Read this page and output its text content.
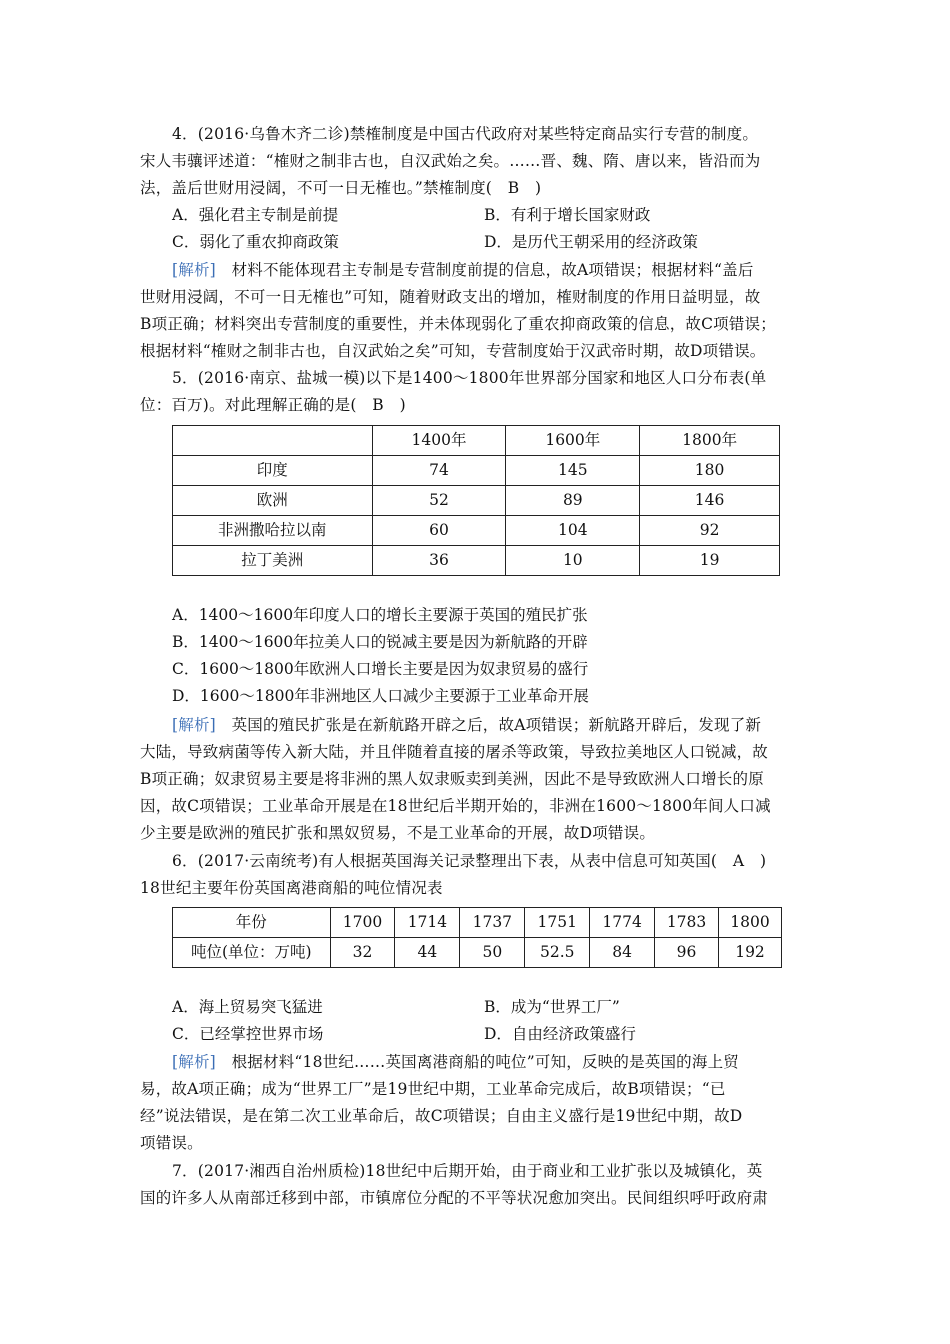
4．(2016·乌鲁木齐二诊)禁榷制度是中国古代政府对某些特定商品实行专营的制度。
宋人韦骧评述道：“榷财之制非古也，自汉武始之矣。……晋、魏、隋、唐以来，皆沿而为
法，盖后世财用浸阔，不可一日无榷也。”禁榷制度(　B　)
A．强化君主专制是前提	B．有利于增长国家财政
C．弱化了重农抑商政策	D．是历代王朝采用的经济政策
[解析]　材料不能体现君主专制是专营制度前提的信息，故A项错误；根据材料“盖后
世财用浸阔，不可一日无榷也”可知，随着财政支出的增加，榷财制度的作用日益明显，故
B项正确；材料突出专营制度的重要性，并未体现弱化了重农抑商政策的信息，故C项错误；
根据材料“榷财之制非古也，自汉武始之矣”可知，专营制度始于汉武帝时期，故D项错误。
5．(2016·南京、盐城一模)以下是1400～1800年世界部分国家和地区人口分布表(单
位：百万)。对此理解正确的是(　B　)
	1400年	1600年	1800年
印度	74	145	180
欧洲	52	89	146
非洲撒哈拉以南	60	104	92
拉丁美洲	36	10	19
A．1400～1600年印度人口的增长主要源于英国的殖民扩张
B．1400～1600年拉美人口的锐减主要是因为新航路的开辟
C．1600～1800年欧洲人口增长主要是因为奴隶贸易的盛行
D．1600～1800年非洲地区人口减少主要源于工业革命开展
[解析]　英国的殖民扩张是在新航路开辟之后，故A项错误；新航路开辟后，发现了新
大陆，导致病菌等传入新大陆，并且伴随着直接的屠杀等政策，导致拉美地区人口锐减，故
B项正确；奴隶贸易主要是将非洲的黑人奴隶贩卖到美洲，因此不是导致欧洲人口增长的原
因，故C项错误；工业革命开展是在18世纪后半期开始的，非洲在1600～1800年间人口减
少主要是欧洲的殖民扩张和黑奴贸易，不是工业革命的开展，故D项错误。
6．(2017·云南统考)有人根据英国海关记录整理出下表，从表中信息可知英国(　A　)
18世纪主要年份英国离港商船的吨位情况表
年份	1700	1714	1737	1751	1774	1783	1800
吨位(单位：万吨)	32	44	50	52.5	84	96	192
A．海上贸易突飞猛进	B．成为“世界工厂”
C．已经掌控世界市场	D．自由经济政策盛行
[解析]　根据材料“18世纪……英国离港商船的吨位”可知，反映的是英国的海上贸
易，故A项正确；成为“世界工厂”是19世纪中期，工业革命完成后，故B项错误；“已
经”说法错误，是在第二次工业革命后，故C项错误；自由主义盛行是19世纪中期，故D
项错误。
7．(2017·湘西自治州质检)18世纪中后期开始，由于商业和工业扩张以及城镇化，英
国的许多人从南部迁移到中部，市镇席位分配的不平等状况愈加突出。民间组织呼吁政府肃
